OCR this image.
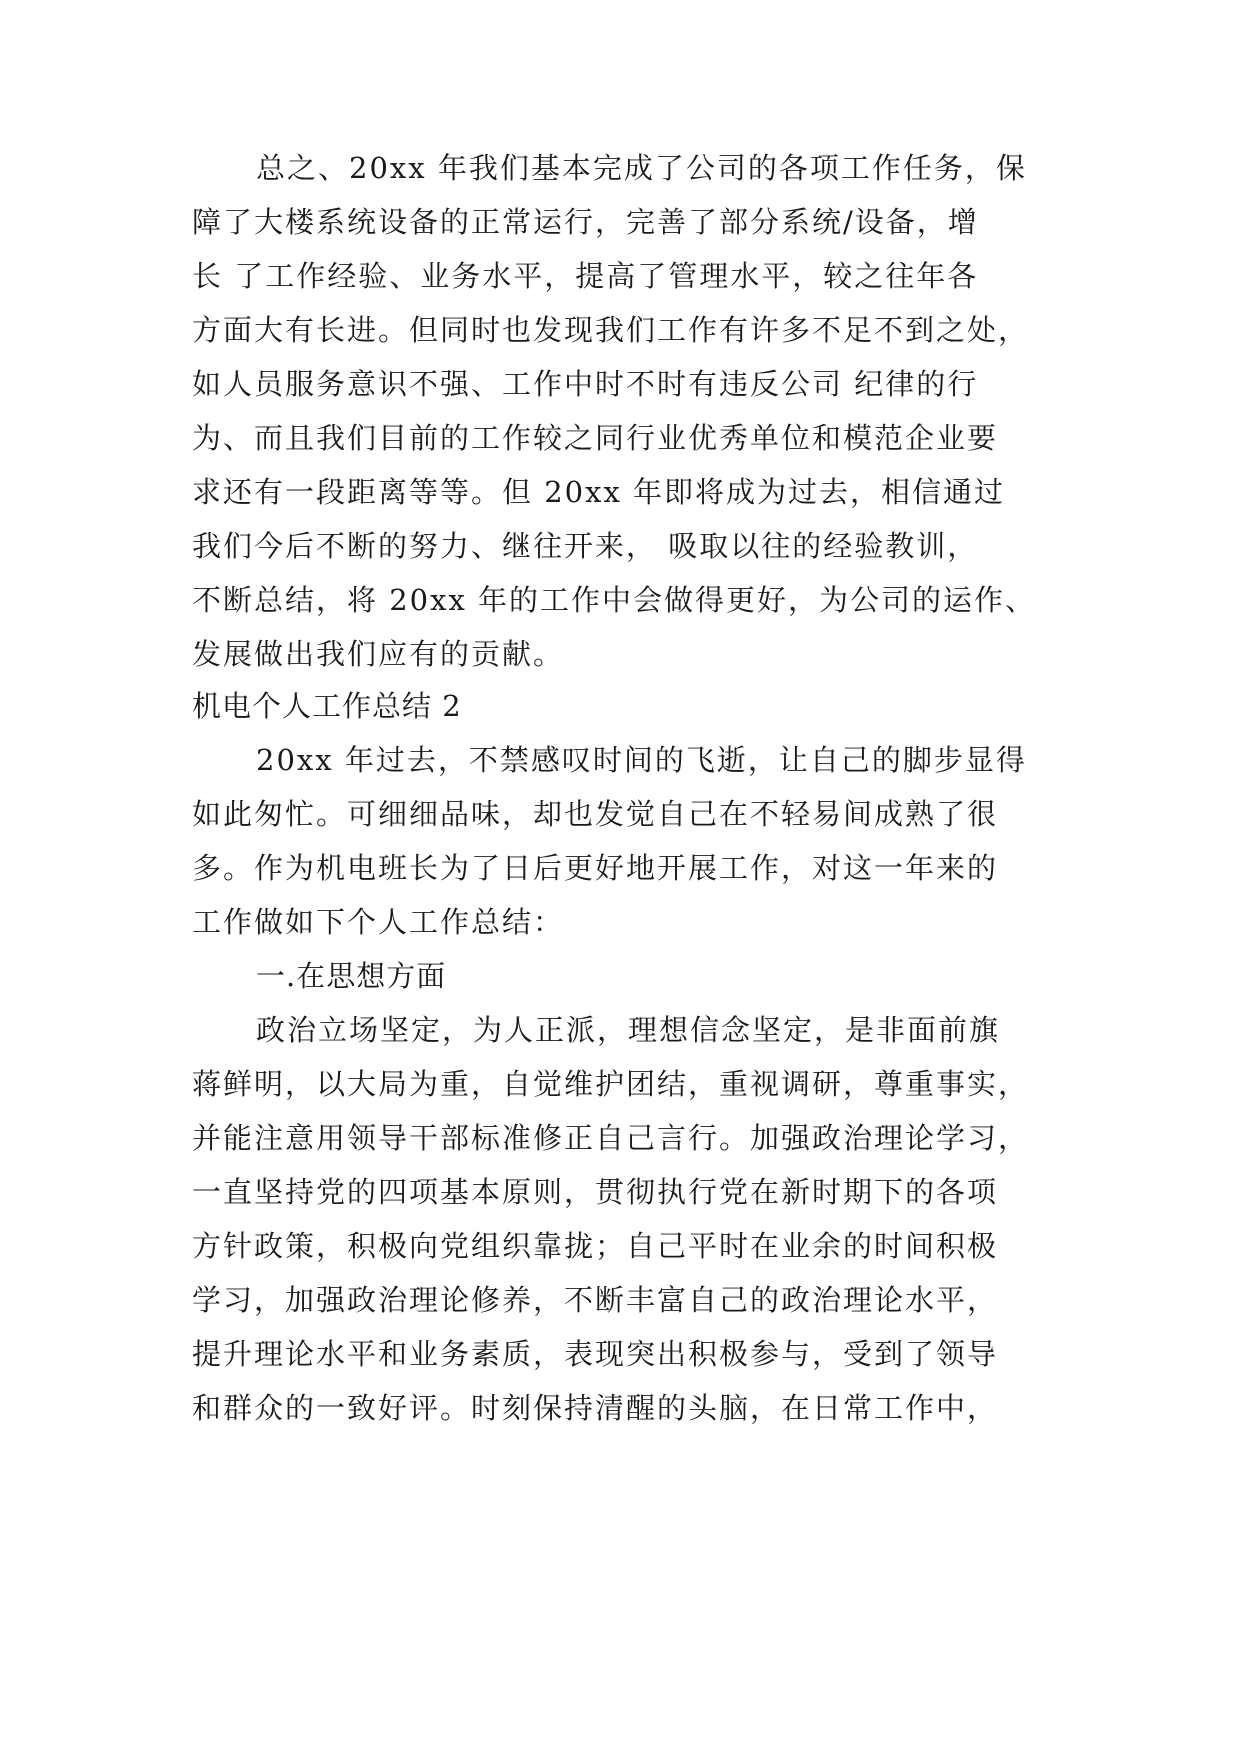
总之、20xx 年我们基本完成了公司的各项工作任务，保
障了大楼系统设备的正常运行，完善了部分系统/设备，增
长 了工作经验、业务水平，提高了管理水平，较之往年各
方面大有长进。但同时也发现我们工作有许多不足不到之处，
如人员服务意识不强、工作中时不时有违反公司 纪律的行
为、而且我们目前的工作较之同行业优秀单位和模范企业要
求还有一段距离等等。但 20xx 年即将成为过去，相信通过
我们今后不断的努力、继往开来， 吸取以往的经验教训，
不断总结，将 20xx 年的工作中会做得更好，为公司的运作、
发展做出我们应有的贡献。
机电个人工作总结 2
20xx 年过去，不禁感叹时间的飞逝，让自己的脚步显得
如此匆忙。可细细品味，却也发觉自己在不轻易间成熟了很
多。作为机电班长为了日后更好地开展工作，对这一年来的
工作做如下个人工作总结：
一.在思想方面
政治立场坚定，为人正派，理想信念坚定，是非面前旗
蒋鲜明，以大局为重，自觉维护团结，重视调研，尊重事实，
并能注意用领导干部标准修正自己言行。加强政治理论学习，
一直坚持党的四项基本原则，贯彻执行党在新时期下的各项
方针政策，积极向党组织靠拢；自己平时在业余的时间积极
学习，加强政治理论修养，不断丰富自己的政治理论水平，
提升理论水平和业务素质，表现突出积极参与，受到了领导
和群众的一致好评。时刻保持清醒的头脑，在日常工作中，
